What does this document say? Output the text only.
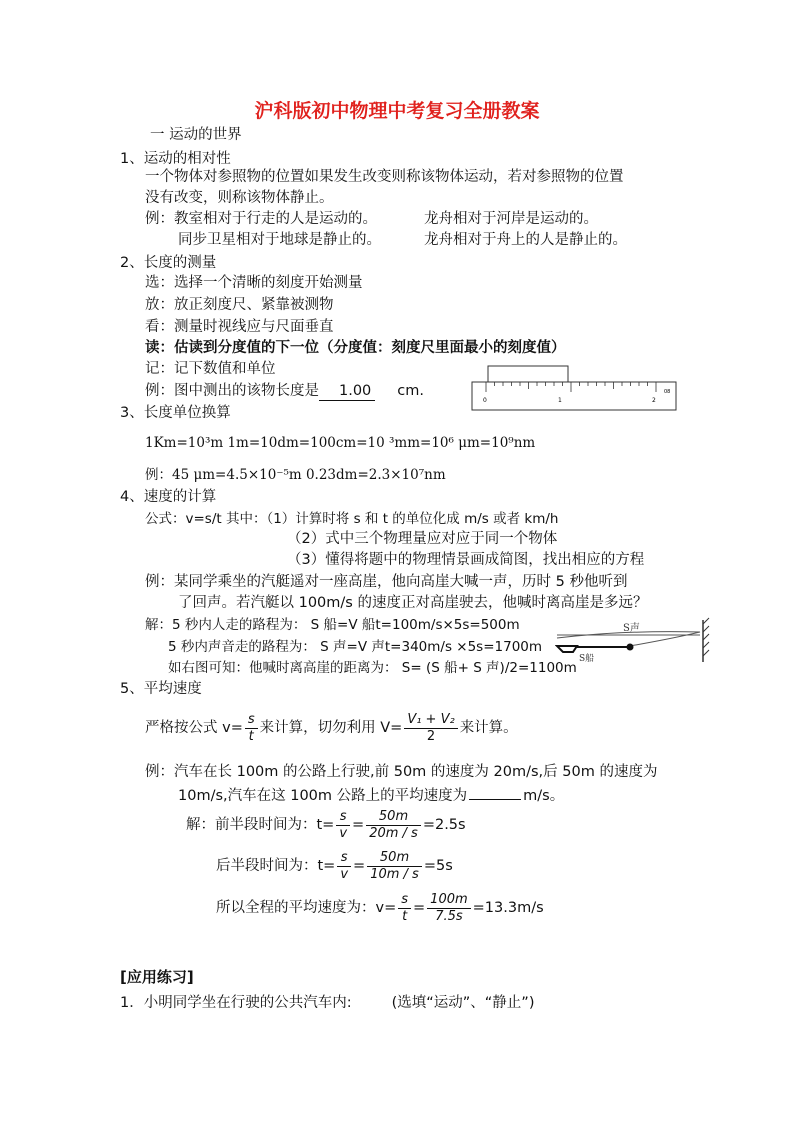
沪科版初中物理中考复习全册教案
一 运动的世界
1、运动的相对性
一个物体对参照物的位置如果发生改变则称该物体运动，若对参照物的位置
没有改变，则称该物体静止。
例：教室相对于行走的人是运动的。	龙舟相对于河岸是运动的。
同步卫星相对于地球是静止的。	龙舟相对于舟上的人是静止的。
2、长度的测量
选：选择一个清晰的刻度开始测量
放：放正刻度尺、紧靠被测物
看：测量时视线应与尺面垂直
读：估读到分度值的下一位（分度值：刻度尺里面最小的刻度值）
记：记下数值和单位
例：图中测出的该物长度是 1.00 cm.
0	1	2
08
3、长度单位换算
1Km=10³m 1m=10dm=100cm=10 ³mm=10⁶ μm=10⁹nm
例：45 μm=4.5×10⁻⁵m 0.23dm=2.3×10⁷nm
4、速度的计算
公式：v=s/t 其中：（1）计算时将 s 和 t 的单位化成 m/s 或者 km/h
（2）式中三个物理量应对应于同一个物体
（3）懂得将题中的物理情景画成简图，找出相应的方程
例：某同学乘坐的汽艇遥对一座高崖，他向高崖大喊一声，历时 5 秒他听到
了回声。若汽艇以 100m/s 的速度正对高崖驶去，他喊时离高崖是多远？
解：5 秒内人走的路程为： S 船=V 船t=100m/s×5s=500m
5 秒内声音走的路程为： S 声=V 声t=340m/s ×5s=1700m
如右图可知：他喊时离高崖的距离为： S= (S 船+ S 声)/2=1100m
S声
S船
5、平均速度
严格按公式 $v= \frac{s}{t}$ 来计算，切勿利用 $V= \frac{\text{V₁ + V₂}}{2}$ 来计算。
例：汽车在长 100m 的公路上行驶,前 50m 的速度为 20m/s,后 50m 的速度为
10m/s,汽车在这 100m 公路上的平均速度为	m/s。
解：前半段时间为：$t= \frac{s}{v} = \frac{50m}{20m / s} =2.5s$
后半段时间为：$t= \frac{s}{v} = \frac{50m}{10m / s} =5s$
所以全程的平均速度为：$v= \frac{s}{t} = \frac{100m}{7.5s} =13.3m/s$
[应用练习]
1．小明同学坐在行驶的公共汽车内:	(选填“运动”、“静止”)
